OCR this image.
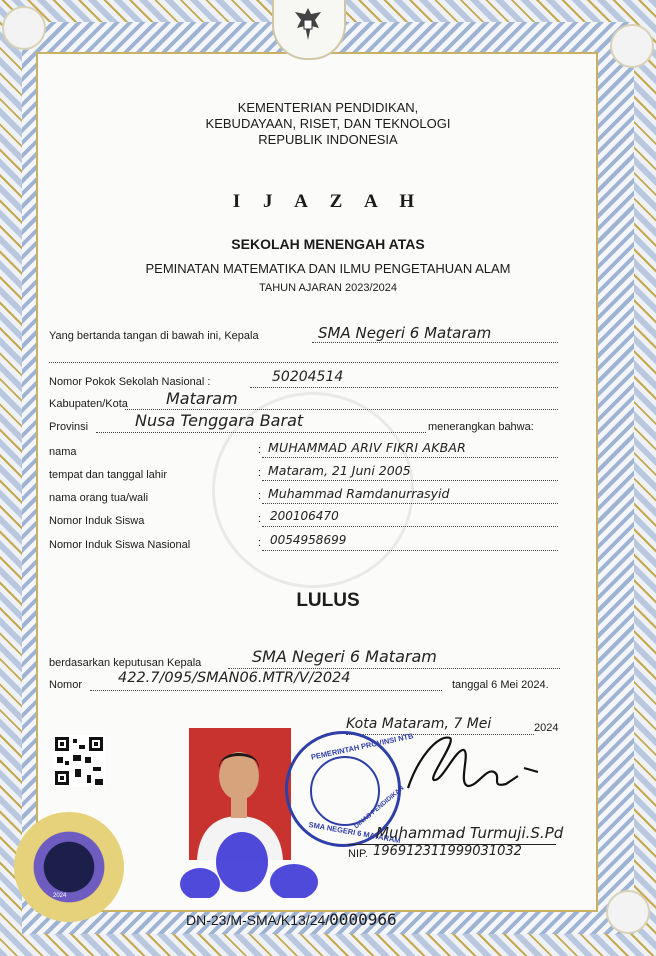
KEMENTERIAN PENDIDIKAN,
KEBUDAYAAN, RISET, DAN TEKNOLOGI
REPUBLIK INDONESIA
I J A Z A H
SEKOLAH MENENGAH ATAS
PEMINATAN MATEMATIKA DAN ILMU PENGETAHUAN ALAM
TAHUN AJARAN 2023/2024
Yang bertanda tangan di bawah ini, Kepala	SMA Negeri 6 Mataram
Nomor Pokok Sekolah Nasional :	50204514
Kabupaten/Kota Mataram
Provinsi	Nusa Tenggara Barat	menerangkan bahwa:
nama	: MUHAMMAD ARIV FIKRI AKBAR
tempat dan tanggal lahir	: Mataram, 21 Juni 2005
nama orang tua/wali	: Muhammad Ramdanurrasyid
Nomor Induk Siswa	: 200106470
Nomor Induk Siswa Nasional	: 0054958699
LULUS
berdasarkan keputusan Kepala	SMA Negeri 6 Mataram
Nomor 422.7/095/SMAN06.MTR/V/2024	tanggal 6 Mei 2024.
Kota Mataram, 7 Mei	2024
PEMERINTAH PROVINSI NTB
SMA NEGERI 6 MATARAM
DINAS PENDIDIKAN
Muhammad Turmuji.S.Pd
NIP. 196912311999031032
2024
DN-23/M-SMA/K13/24/0000966
